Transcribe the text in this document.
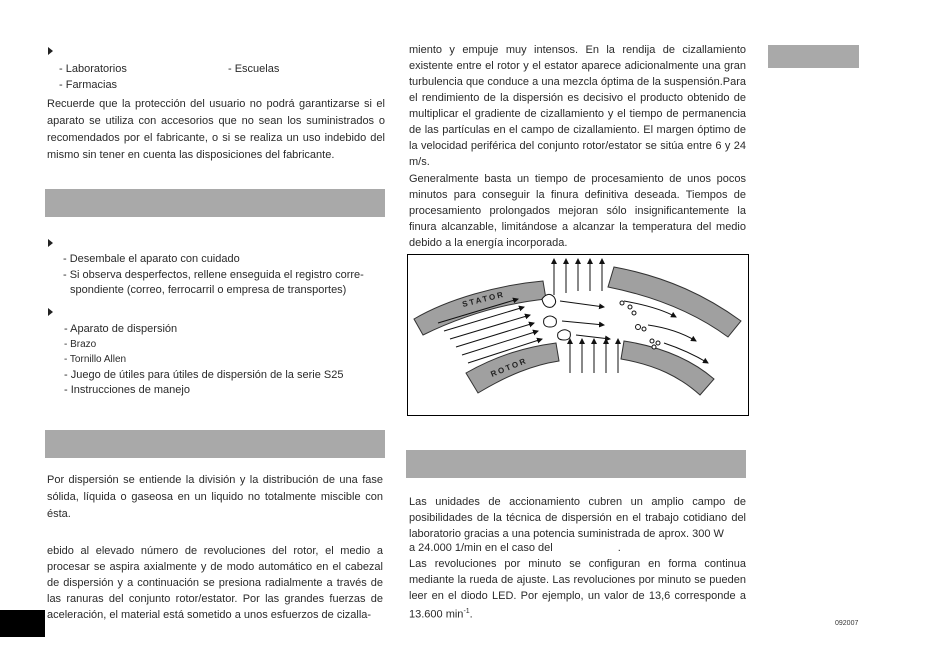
- Laboratorios	- Escuelas
- Farmacias
Recuerde que la protección del usuario no podrá garantizarse si el aparato se utiliza con accesorios que no sean los suministrados o recomendados por el fabricante, o si se realiza un uso indebido del mismo sin tener en cuenta las disposiciones del fabricante.
- Desembale el aparato con cuidado
- Si observa desperfectos, rellene enseguida el registro corre-
spondiente (correo, ferrocarril o empresa de transportes)
- Aparato de dispersión
- Brazo
- Tornillo Allen
- Juego de útiles para útiles de dispersión de la serie S25
- Instrucciones de manejo
Por dispersión se entiende la división y la distribución de una fase sólida, líquida o gaseosa en un liquido no totalmente miscible con ésta.
ebido al elevado número de revoluciones del rotor, el medio a procesar se aspira axialmente y de modo automático en el cabezal de dispersión y a continuación se presiona radialmente a través de las ranuras del conjunto rotor/estator. Por las grandes fuerzas de aceleración, el material está sometido a unos esfuerzos de cizalla-
miento y empuje muy intensos. En la rendija de cizallamiento existente entre el rotor y el estator aparece adicionalmente una gran turbulencia que conduce a una mezcla óptima de la suspensión.Para el rendimiento de la dispersión es decisivo el producto obtenido de multiplicar el gradiente de cizallamiento y el tiempo de permanencia de las partículas en el campo de cizallamiento. El margen óptimo de la velocidad periférica del conjunto rotor/estator se sitúa entre 6 y 24 m/s.
Generalmente basta un tiempo de procesamiento de unos pocos minutos para conseguir la finura definitiva deseada. Tiempos de procesamiento prolongados mejoran sólo insignificantemente la finura alcanzable, limitándose a alcanzar la temperatura del medio debido a la energía incorporada.
STATOR
ROTOR
Las unidades de accionamiento cubren un amplio campo de posibilidades de la técnica de dispersión en el trabajo cotidiano del laboratorio gracias a una potencia suministrada de aprox. 300 W
a 24.000 1/min en el caso del	.
Las revoluciones por minuto se configuran en forma continua mediante la rueda de ajuste. Las revoluciones por minuto se pueden leer en el diodo LED. Por ejemplo, un valor de 13,6 corresponde a 13.600 $\min^{-1}$.
092007
